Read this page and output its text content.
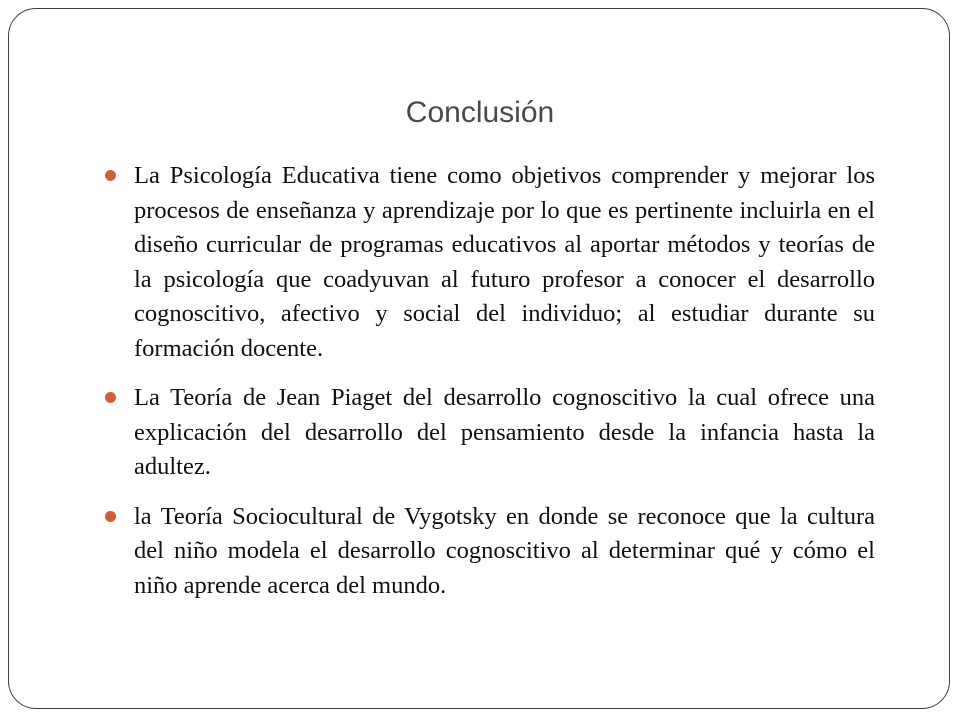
Conclusión
La Psicología Educativa tiene como objetivos comprender y mejorar los procesos de enseñanza y aprendizaje por lo que es pertinente incluirla en el diseño curricular de programas educativos al aportar métodos y teorías de la psicología que coadyuvan al futuro profesor a conocer el desarrollo cognoscitivo, afectivo y social del individuo; al estudiar durante su formación docente.
La Teoría de Jean Piaget del desarrollo cognoscitivo la cual ofrece una explicación del desarrollo del pensamiento desde la infancia hasta la adultez.
la Teoría Sociocultural de Vygotsky en donde se reconoce que la cultura del niño modela el desarrollo cognoscitivo al determinar qué y cómo el niño aprende acerca del mundo.
